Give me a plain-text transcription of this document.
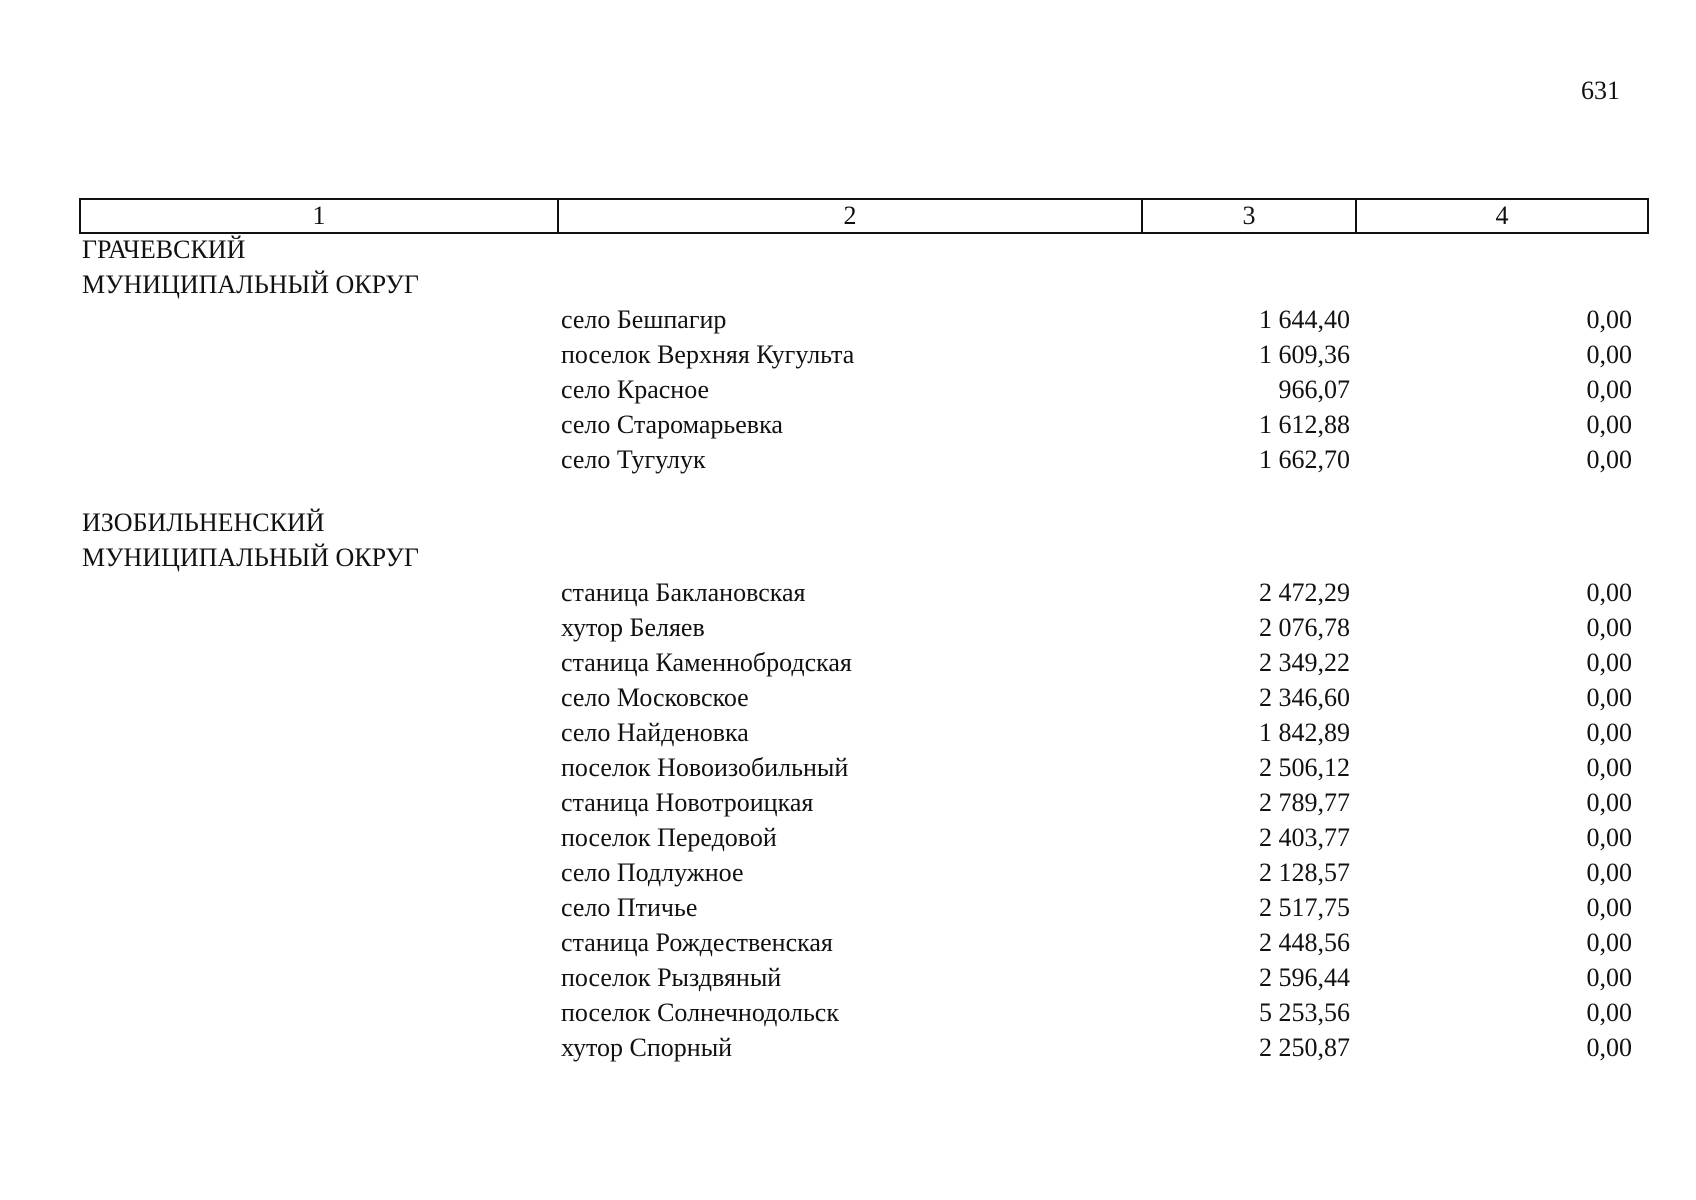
631
1	2	3	4
ГРАЧЕВСКИЙ
МУНИЦИПАЛЬНЫЙ ОКРУГ
село Бешпагир	1 644,40	0,00
поселок Верхняя Кугульта	1 609,36	0,00
село Красное	966,07	0,00
село Старомарьевка	1 612,88	0,00
село Тугулук	1 662,70	0,00
ИЗОБИЛЬНЕНСКИЙ
МУНИЦИПАЛЬНЫЙ ОКРУГ
станица Баклановская	2 472,29	0,00
хутор Беляев	2 076,78	0,00
станица Каменнобродская	2 349,22	0,00
село Московское	2 346,60	0,00
село Найденовка	1 842,89	0,00
поселок Новоизобильный	2 506,12	0,00
станица Новотроицкая	2 789,77	0,00
поселок Передовой	2 403,77	0,00
село Подлужное	2 128,57	0,00
село Птичье	2 517,75	0,00
станица Рождественская	2 448,56	0,00
поселок Рыздвяный	2 596,44	0,00
поселок Солнечнодольск	5 253,56	0,00
хутор Спорный	2 250,87	0,00
